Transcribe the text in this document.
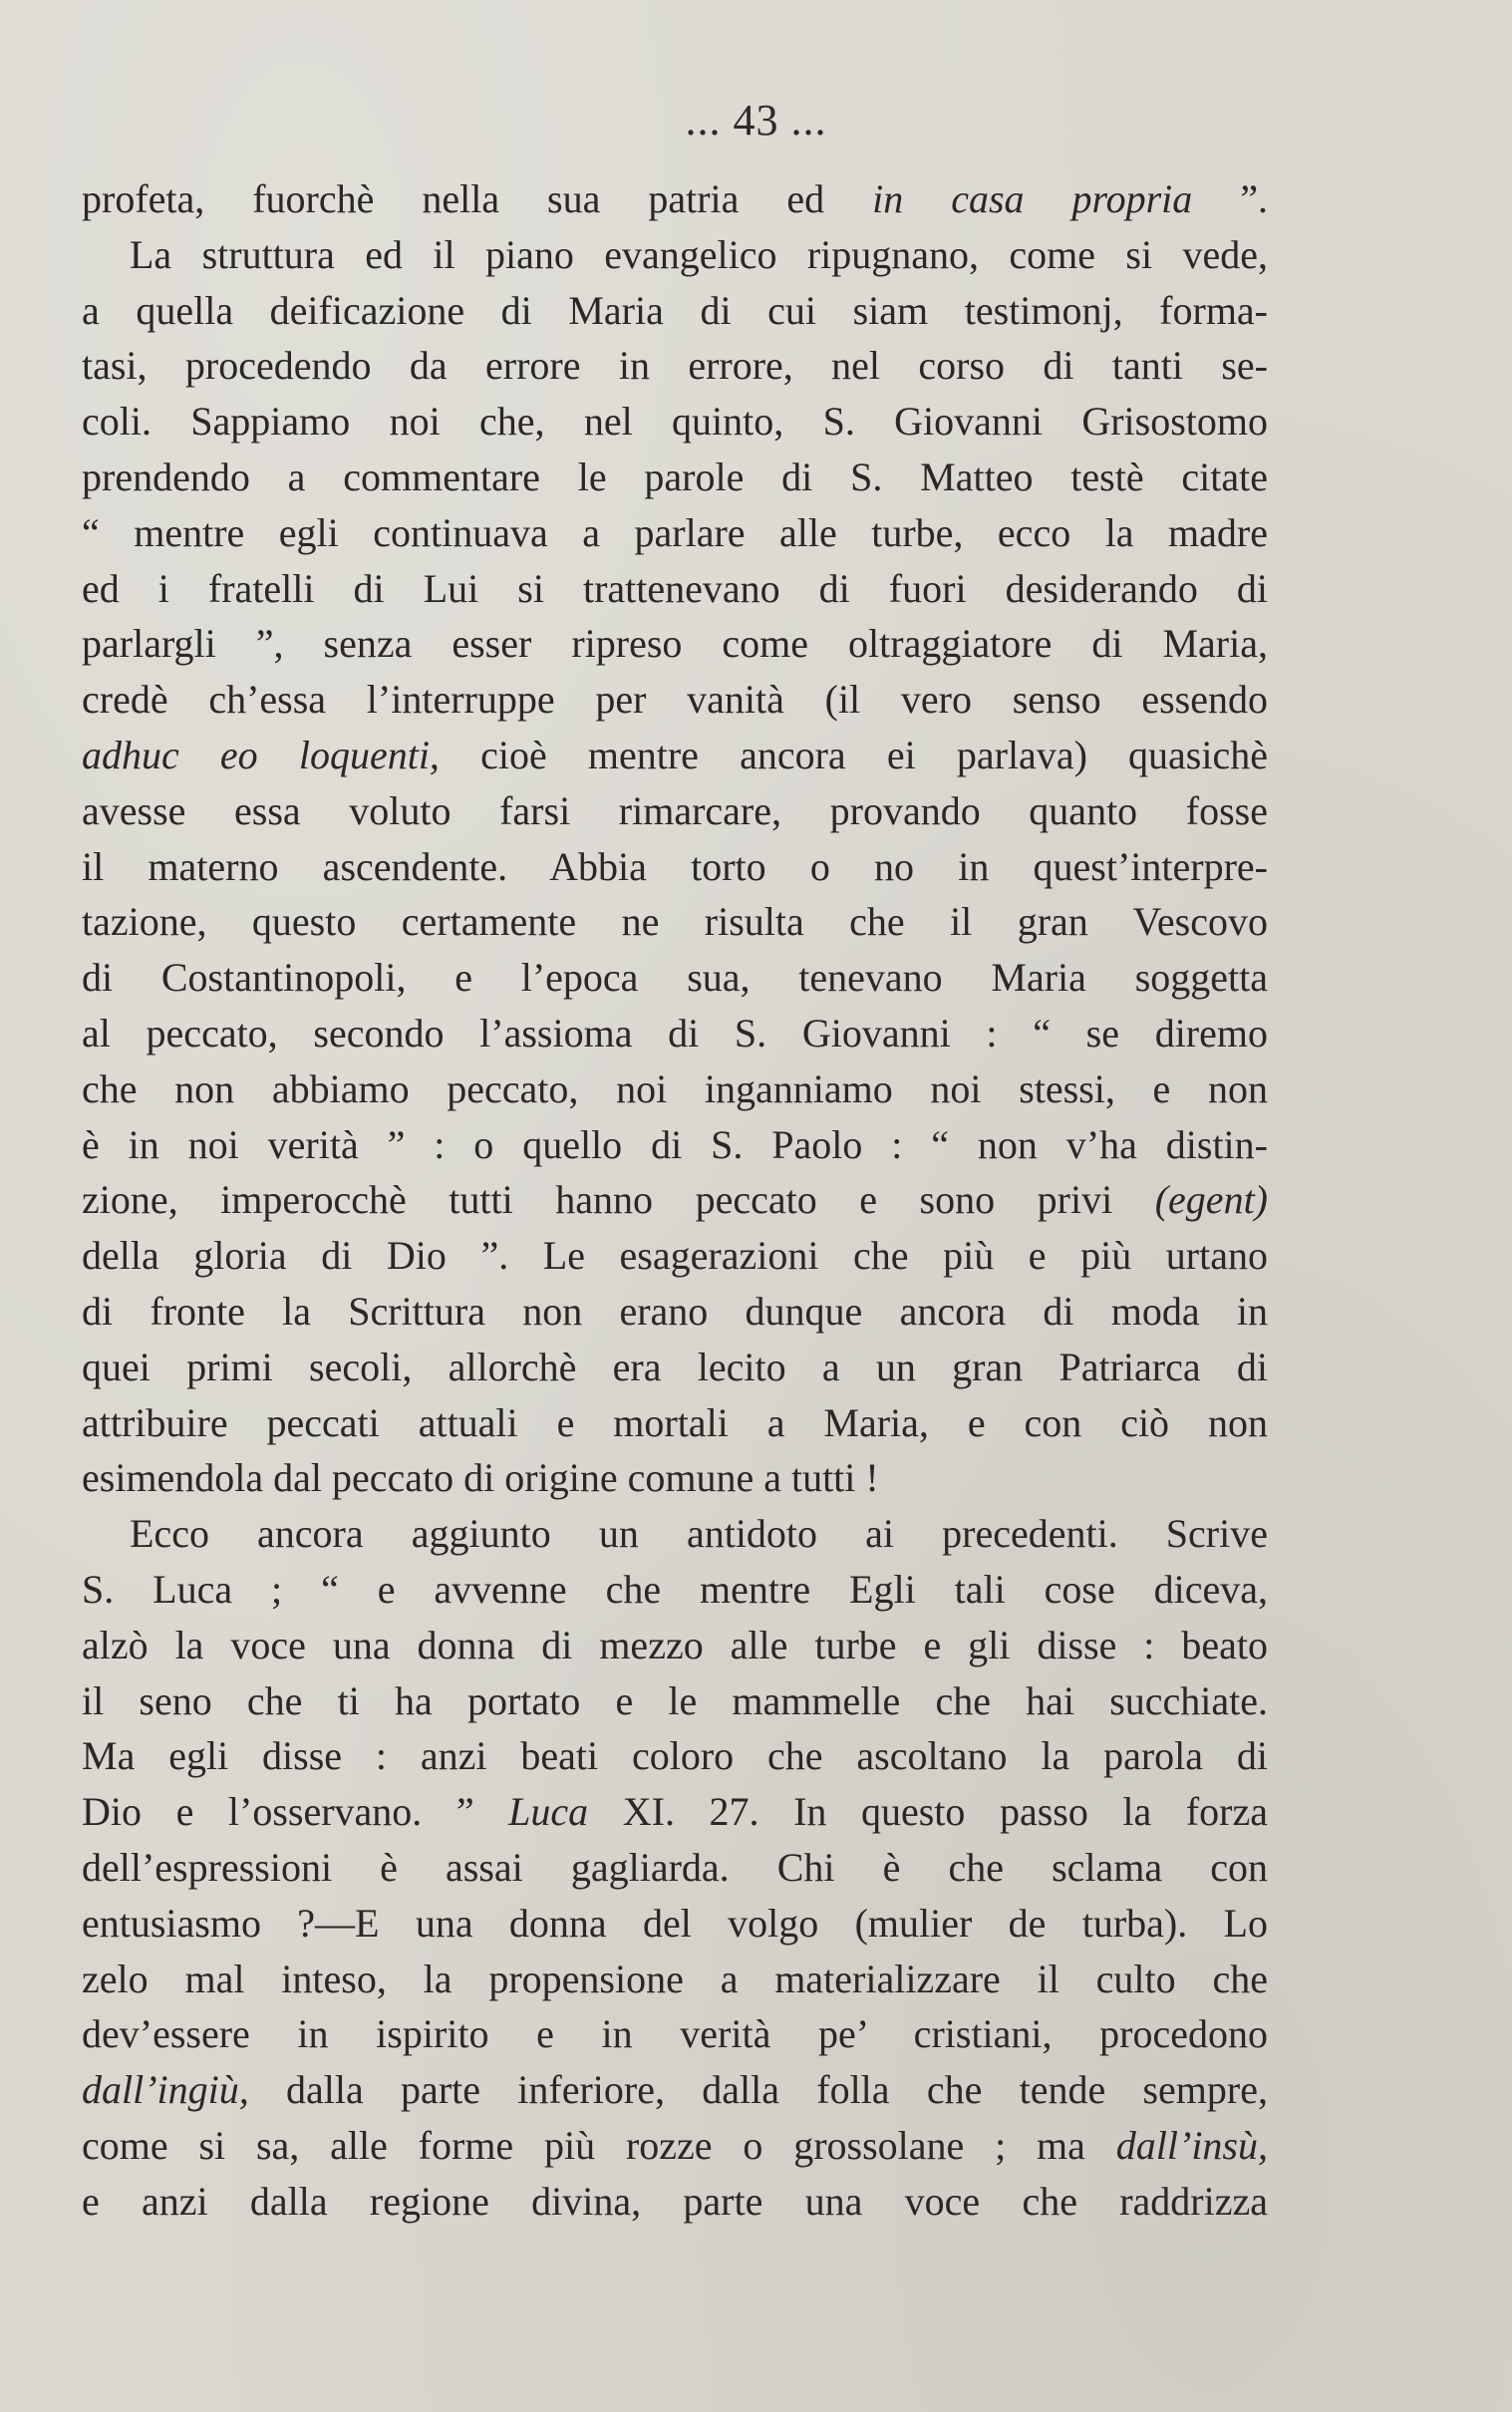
... 43 ...
profeta, fuorchè nella sua patria ed in casa propria ”.
La struttura ed il piano evangelico ripugnano, come si vede,
a quella deificazione di Maria di cui siam testimonj, forma-
tasi, procedendo da errore in errore, nel corso di tanti se-
coli. Sappiamo noi che, nel quinto, S. Giovanni Grisostomo
prendendo a commentare le parole di S. Matteo testè citate
“ mentre egli continuava a parlare alle turbe, ecco la madre
ed i fratelli di Lui si trattenevano di fuori desiderando di
parlargli ”, senza esser ripreso come oltraggiatore di Maria,
credè ch’essa l’interruppe per vanità (il vero senso essendo
adhuc eo loquenti, cioè mentre ancora ei parlava) quasichè
avesse essa voluto farsi rimarcare, provando quanto fosse
il materno ascendente. Abbia torto o no in quest’interpre-
tazione, questo certamente ne risulta che il gran Vescovo
di Costantinopoli, e l’epoca sua, tenevano Maria soggetta
al peccato, secondo l’assioma di S. Giovanni : “ se diremo
che non abbiamo peccato, noi inganniamo noi stessi, e non
è in noi verità ” : o quello di S. Paolo : “ non v’ha distin-
zione, imperocchè tutti hanno peccato e sono privi (egent)
della gloria di Dio ”. Le esagerazioni che più e più urtano
di fronte la Scrittura non erano dunque ancora di moda in
quei primi secoli, allorchè era lecito a un gran Patriarca di
attribuire peccati attuali e mortali a Maria, e con ciò non
esimendola dal peccato di origine comune a tutti !
Ecco ancora aggiunto un antidoto ai precedenti. Scrive
S. Luca ; “ e avvenne che mentre Egli tali cose diceva,
alzò la voce una donna di mezzo alle turbe e gli disse : beato
il seno che ti ha portato e le mammelle che hai succhiate.
Ma egli disse : anzi beati coloro che ascoltano la parola di
Dio e l’osservano. ” Luca XI. 27. In questo passo la forza
dell’espressioni è assai gagliarda. Chi è che sclama con
entusiasmo ?—E una donna del volgo (mulier de turba). Lo
zelo mal inteso, la propensione a materializzare il culto che
dev’essere in ispirito e in verità pe’ cristiani, procedono
dall’ingiù, dalla parte inferiore, dalla folla che tende sempre,
come si sa, alle forme più rozze o grossolane ; ma dall’insù,
e anzi dalla regione divina, parte una voce che raddrizza
